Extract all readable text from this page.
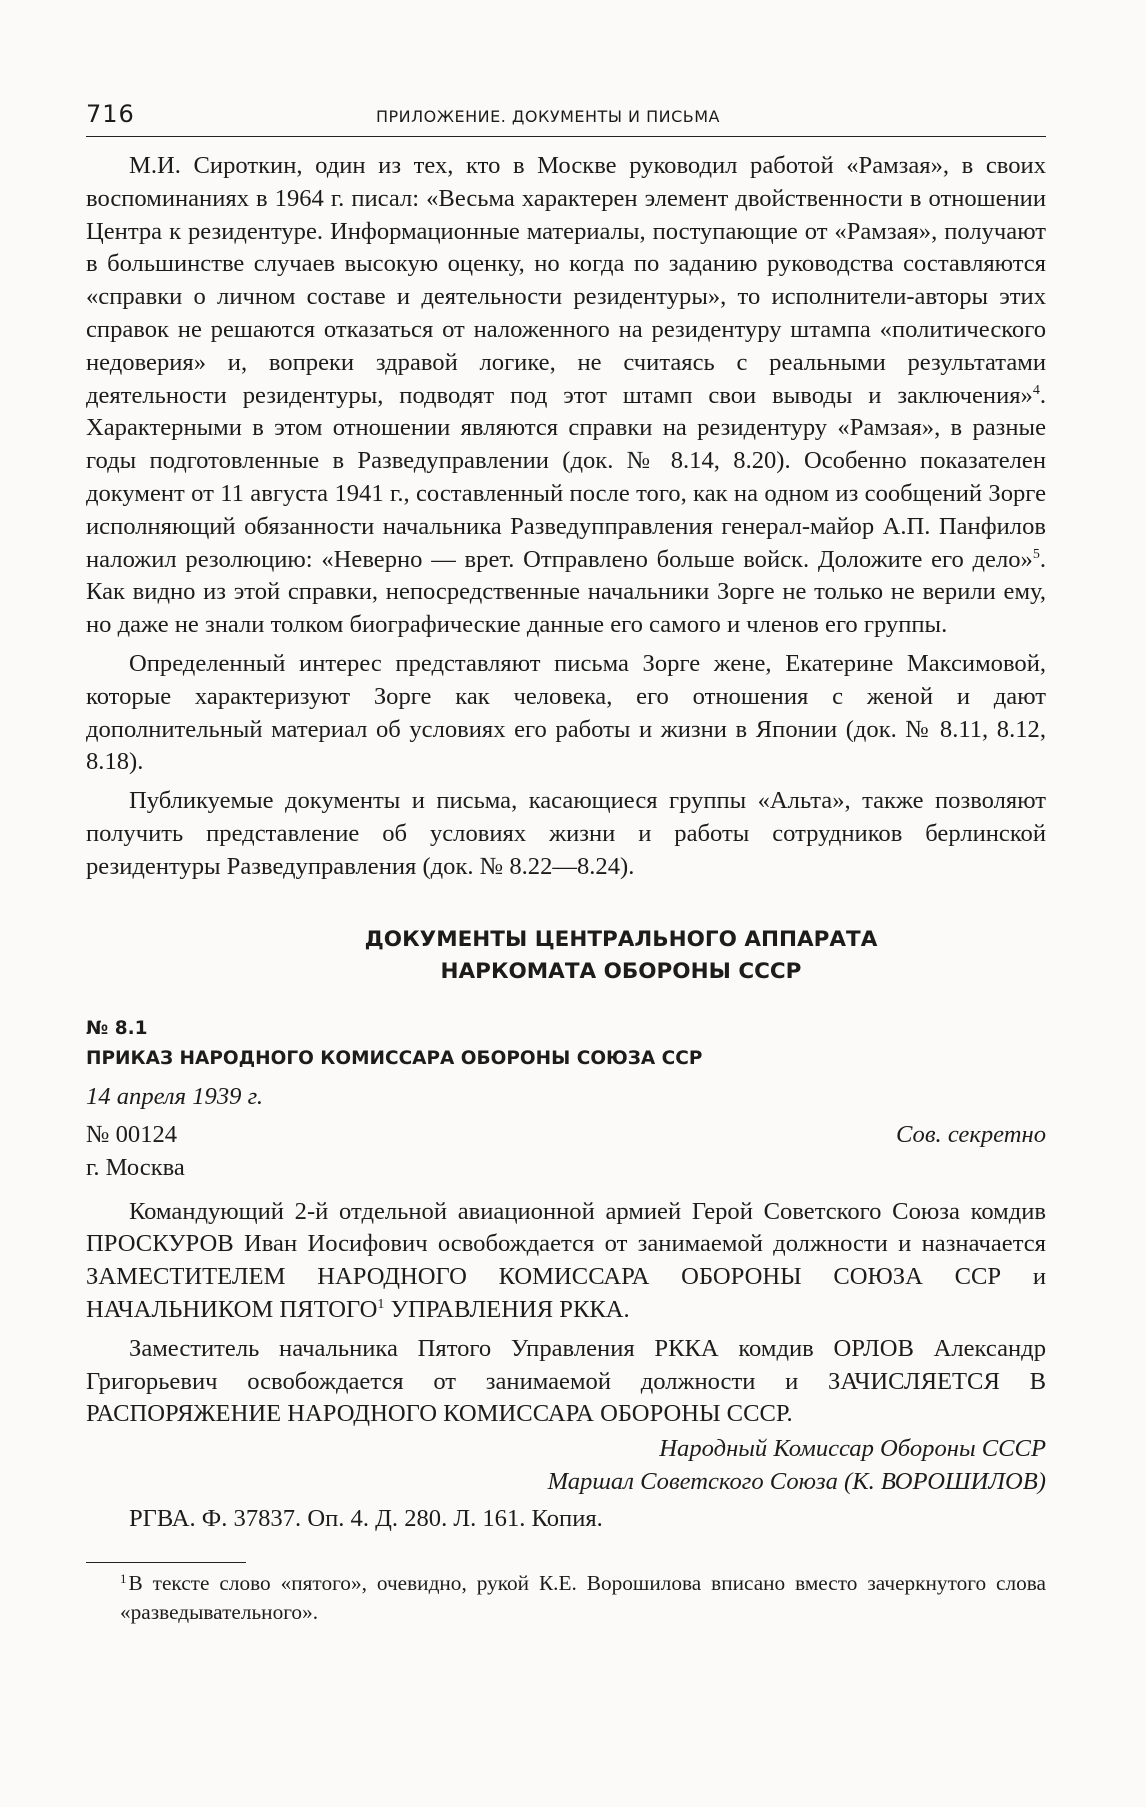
716	ПРИЛОЖЕНИЕ. ДОКУМЕНТЫ И ПИСЬМА

М.И. Сироткин, один из тех, кто в Москве руководил работой «Рамзая», в своих воспоминаниях в 1964 г. писал: «Весьма характерен элемент двойственности в отношении Центра к резидентуре. Информационные материалы, поступающие от «Рамзая», получают в большинстве случаев высокую оценку, но когда по заданию руководства составляются «справки о личном составе и деятельности резидентуры», то исполнители-авторы этих справок не решаются отказаться от наложенного на резидентуру штампа «политического недоверия» и, вопреки здравой логике, не считаясь с реальными результатами деятельности резидентуры, подводят под этот штамп свои выводы и заключения»$^4$. Характерными в этом отношении являются справки на резидентуру «Рамзая», в разные годы подготовленные в Разведуправлении (док. № 8.14, 8.20). Особенно показателен документ от 11 августа 1941 г., составленный после того, как на одном из сообщений Зорге исполняющий обязанности начальника Разведупправления генерал-майор А.П. Панфилов наложил резолюцию: «Неверно — врет. Отправлено больше войск. Доложите его дело»$^5$. Как видно из этой справки, непосредственные начальники Зорге не только не верили ему, но даже не знали толком биографические данные его самого и членов его группы.

Определенный интерес представляют письма Зорге жене, Екатерине Максимовой, которые характеризуют Зорге как человека, его отношения с женой и дают дополнительный материал об условиях его работы и жизни в Японии (док. № 8.11, 8.12, 8.18).

Публикуемые документы и письма, касающиеся группы «Альта», также позволяют получить представление об условиях жизни и работы сотрудников берлинской резидентуры Разведуправления (док. № 8.22—8.24).

ДОКУМЕНТЫ ЦЕНТРАЛЬНОГО АППАРАТА
НАРКОМАТА ОБОРОНЫ СССР
№ 8.1
ПРИКАЗ НАРОДНОГО КОМИССАРА ОБОРОНЫ СОЮЗА ССР
14 апреля 1939 г.
№ 00124
г. Москва
Сов. секретно

Командующий 2-й отдельной авиационной армией Герой Советского Союза комдив ПРОСКУРОВ Иван Иосифович освобождается от занимаемой должности и назначается ЗАМЕСТИТЕЛЕМ НАРОДНОГО КОМИССАРА ОБОРОНЫ СОЮЗА ССР и НАЧАЛЬНИКОМ ПЯТОГО$^1$ УПРАВЛЕНИЯ РККА.

Заместитель начальника Пятого Управления РККА комдив ОРЛОВ Александр Григорьевич освобождается от занимаемой должности и ЗАЧИСЛЯЕТСЯ В РАСПОРЯЖЕНИЕ НАРОДНОГО КОМИССАРА ОБОРОНЫ СССР.

Народный Комиссар Обороны СССР
Маршал Советского Союза (К. ВОРОШИЛОВ)
РГВА. Ф. 37837. Оп. 4. Д. 280. Л. 161. Копия.
$^1$В тексте слово «пятого», очевидно, рукой К.Е. Ворошилова вписано вместо зачеркнутого слова «разведывательного».
